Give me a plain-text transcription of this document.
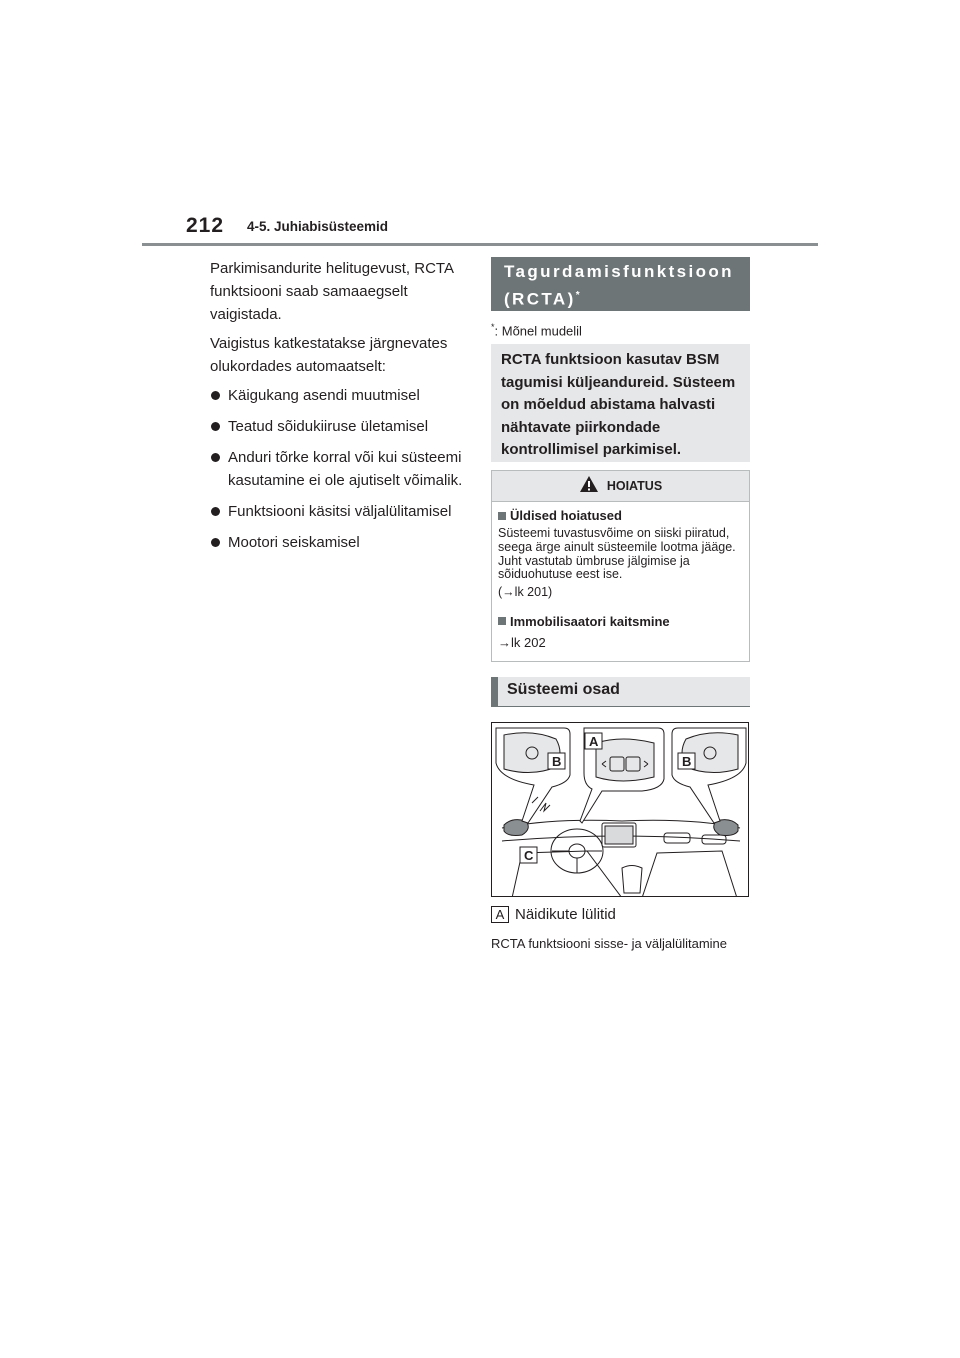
212 4-5. Juhiabisüsteemid

Parkimisandurite helitugevust, RCTA funktsiooni saab samaaegselt vaigistada.

Vaigistus katkestatakse järgnevates olukordades automaatselt:

Käigukang asendi muutmisel
Teatud sõidukiiruse ületamisel
Anduri tõrke korral või kui süsteemi kasutamine ei ole ajutiselt võimalik.
Funktsiooni käsitsi väljalülitamisel
Mootori seiskamisel
Tagurdamisfunktsioon (RCTA)*
*: Mõnel mudelil
RCTA funktsioon kasutav BSM tagumisi küljeandureid. Süsteem on mõeldud abistama halvasti nähtavate piirkondade kontrollimisel parkimisel.
HOIATUS
Üldised hoiatused
Süsteemi tuvastusvõime on siiski piiratud, seega ärge ainult süsteemile lootma jääge. Juht vastutab ümbruse jälgimise ja sõiduohutuse eest ise.
(→lk 201)
Immobilisaatori kaitsmine
→lk 202
Süsteemi osad
B	B
A
C
A Näidikute lülitid
RCTA funktsiooni sisse- ja väljalülitamine
